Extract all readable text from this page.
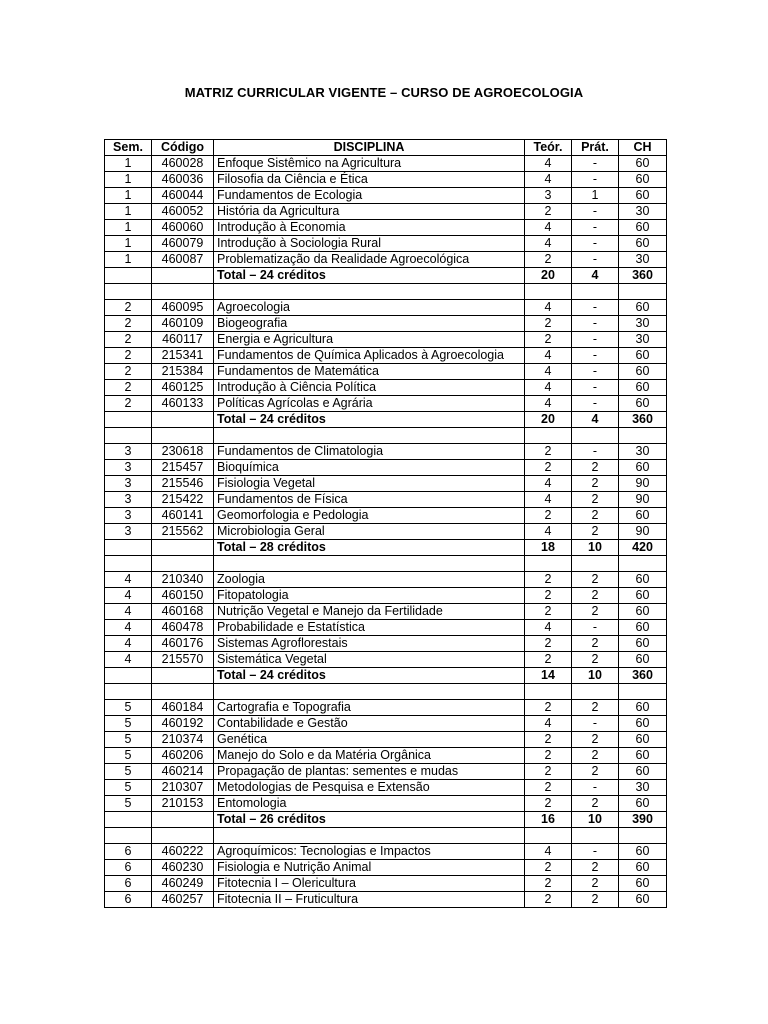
MATRIZ CURRICULAR VIGENTE – CURSO DE AGROECOLOGIA
Sem.	Código	DISCIPLINA	Teór.	Prát.	CH
1	460028	Enfoque Sistêmico na Agricultura	4	-	60
1	460036	Filosofia da Ciência e Ética	4	-	60
1	460044	Fundamentos de Ecologia	3	1	60
1	460052	História da Agricultura	2	-	30
1	460060	Introdução à Economia	4	-	60
1	460079	Introdução à Sociologia Rural	4	-	60
1	460087	Problematização da Realidade Agroecológica	2	-	30
		Total – 24 créditos	20	4	360

2	460095	Agroecologia	4	-	60
2	460109	Biogeografia	2	-	30
2	460117	Energia e Agricultura	2	-	30
2	215341	Fundamentos de Química Aplicados à Agroecologia	4	-	60
2	215384	Fundamentos de Matemática	4	-	60
2	460125	Introdução à Ciência Política	4	-	60
2	460133	Políticas Agrícolas e Agrária	4	-	60
		Total – 24 créditos	20	4	360

3	230618	Fundamentos de Climatologia	2	-	30
3	215457	Bioquímica	2	2	60
3	215546	Fisiologia Vegetal	4	2	90
3	215422	Fundamentos de Física	4	2	90
3	460141	Geomorfologia e Pedologia	2	2	60
3	215562	Microbiologia Geral	4	2	90
		Total – 28 créditos	18	10	420

4	210340	Zoologia	2	2	60
4	460150	Fitopatologia	2	2	60
4	460168	Nutrição Vegetal e Manejo da Fertilidade	2	2	60
4	460478	Probabilidade e Estatística	4	-	60
4	460176	Sistemas Agroflorestais	2	2	60
4	215570	Sistemática Vegetal	2	2	60
		Total – 24 créditos	14	10	360

5	460184	Cartografia e Topografia	2	2	60
5	460192	Contabilidade e Gestão	4	-	60
5	210374	Genética	2	2	60
5	460206	Manejo do Solo e da Matéria Orgânica	2	2	60
5	460214	Propagação de plantas: sementes e mudas	2	2	60
5	210307	Metodologias de Pesquisa e Extensão	2	-	30
5	210153	Entomologia	2	2	60
		Total – 26 créditos	16	10	390

6	460222	Agroquímicos: Tecnologias e Impactos	4	-	60
6	460230	Fisiologia e Nutrição Animal	2	2	60
6	460249	Fitotecnia I – Olericultura	2	2	60
6	460257	Fitotecnia II – Fruticultura	2	2	60
